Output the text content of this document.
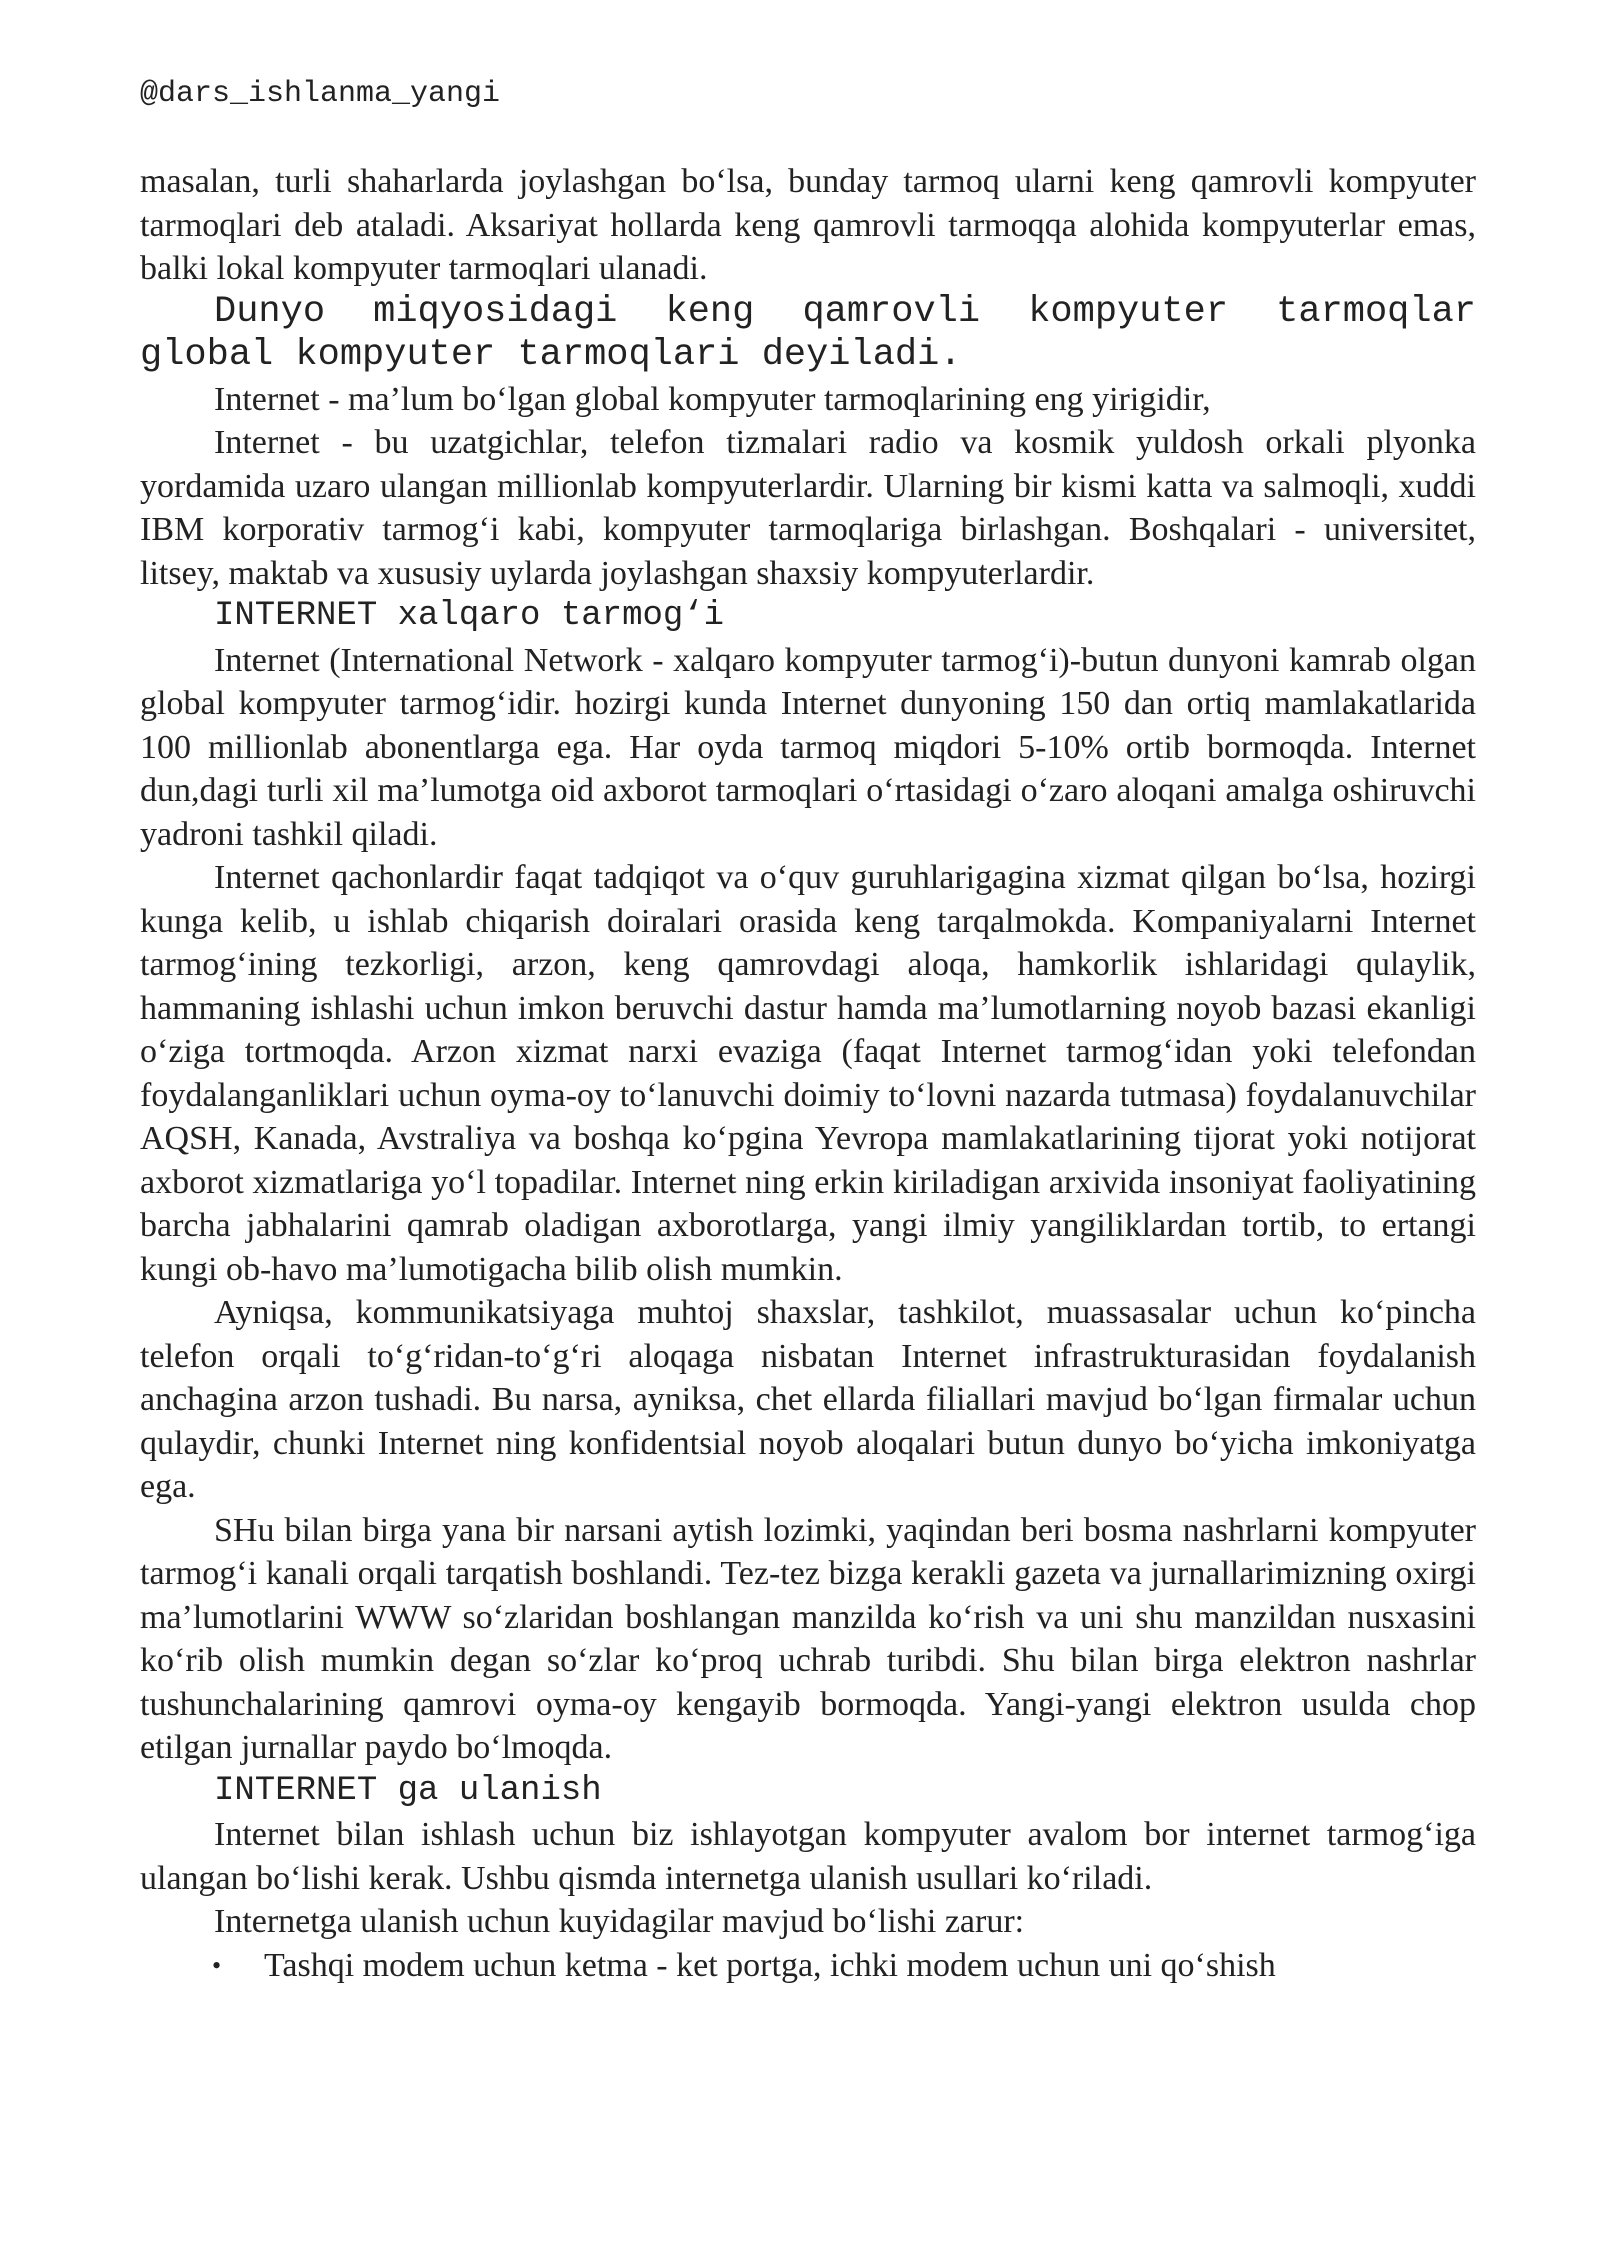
@dars_ishlanma_yangi

masalan, turli shaharlarda joylashgan bo‘lsa, bunday tarmoq ularni keng qamrovli kompyuter tarmoqlari deb ataladi. Aksariyat hollarda keng qamrovli tarmoqqa alohida kompyuterlar emas, balki lokal kompyuter tarmoqlari ulanadi.

Dunyo miqyosidagi keng qamrovli kompyuter tarmoqlar global kompyuter tarmoqlari deyiladi.

Internet - ma’lum bo‘lgan global kompyuter tarmoqlarining eng yirigidir,

Internet - bu uzatgichlar, telefon tizmalari radio va kosmik yuldosh orkali plyonka yordamida uzaro ulangan millionlab kompyuterlardir. Ularning bir kismi katta va salmoqli, xuddi IBM korporativ tarmog‘i kabi, kompyuter tarmoqlariga birlashgan. Boshqalari - universitet, litsey, maktab va xususiy uylarda joylashgan shaxsiy kompyuterlardir.

INTERNET xalqaro tarmog‘i

Internet (International Network - xalqaro kompyuter tarmog‘i)-butun dunyoni kamrab olgan global kompyuter tarmog‘idir. hozirgi kunda Internet dunyoning 150 dan ortiq mamlakatlarida 100 millionlab abonentlarga ega. Har oyda tarmoq miqdori 5-10% ortib bormoqda. Internet dun,dagi turli xil ma’lumotga oid axborot tarmoqlari o‘rtasidagi o‘zaro aloqani amalga oshiruvchi yadroni tashkil qiladi.

Internet qachonlardir faqat tadqiqot va o‘quv guruhlarigagina xizmat qilgan bo‘lsa, hozirgi kunga kelib, u ishlab chiqarish doiralari orasida keng tarqalmokda. Kompaniyalarni Internet tarmog‘ining tezkorligi, arzon, keng qamrovdagi aloqa, hamkorlik ishlaridagi qulaylik, hammaning ishlashi uchun imkon beruvchi dastur hamda ma’lumotlarning noyob bazasi ekanligi o‘ziga tortmoqda. Arzon xizmat narxi evaziga (faqat Internet tarmog‘idan yoki telefondan foydalanganliklari uchun oyma-oy to‘lanuvchi doimiy to‘lovni nazarda tutmasa) foydalanuvchilar AQSH, Kanada, Avstraliya va boshqa ko‘pgina Yevropa mamlakatlarining tijorat yoki notijorat axborot xizmatlariga yo‘l topadilar. Internet ning erkin kiriladigan arxivida insoniyat faoliyatining barcha jabhalarini qamrab oladigan axborotlarga, yangi ilmiy yangiliklardan tortib, to ertangi kungi ob-havo ma’lumotigacha bilib olish mumkin.

Ayniqsa, kommunikatsiyaga muhtoj shaxslar, tashkilot, muassasalar uchun ko‘pincha telefon orqali to‘g‘ridan-to‘g‘ri aloqaga nisbatan Internet infrastrukturasidan foydalanish anchagina arzon tushadi. Bu narsa, ayniksa, chet ellarda filiallari mavjud bo‘lgan firmalar uchun qulaydir, chunki Internet ning konfidentsial noyob aloqalari butun dunyo bo‘yicha imkoniyatga ega.

SHu bilan birga yana bir narsani aytish lozimki, yaqindan beri bosma nashrlarni kompyuter tarmog‘i kanali orqali tarqatish boshlandi. Tez-tez bizga kerakli gazeta va jurnallarimizning oxirgi ma’lumotlarini WWW so‘zlaridan boshlangan manzilda ko‘rish va uni shu manzildan nusxasini ko‘rib olish mumkin degan so‘zlar ko‘proq uchrab turibdi. Shu bilan birga elektron nashrlar tushunchalarining qamrovi oyma-oy kengayib bormoqda. Yangi-yangi elektron usulda chop etilgan jurnallar paydo bo‘lmoqda.

INTERNET ga ulanish

Internet bilan ishlash uchun biz ishlayotgan kompyuter avalom bor internet tarmog‘iga ulangan bo‘lishi kerak. Ushbu qismda internetga ulanish usullari ko‘riladi.

Internetga ulanish uchun kuyidagilar mavjud bo‘lishi zarur:

• Tashqi modem uchun ketma - ket portga, ichki modem uchun uni qo‘shish
